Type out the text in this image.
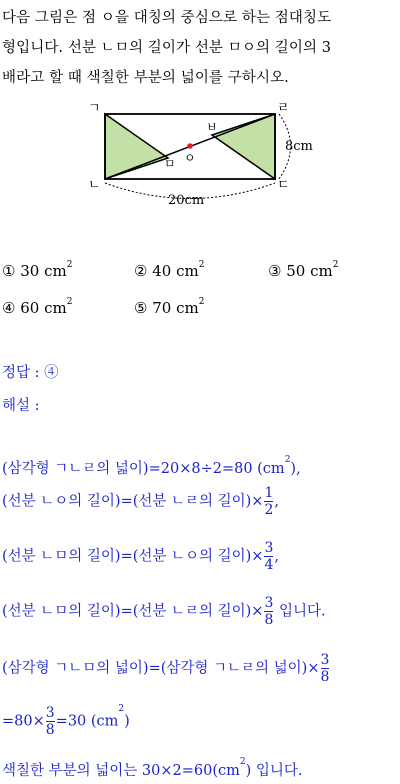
다음 그림은 점 ㅇ을 대칭의 중심으로 하는 점대칭도
형입니다. 선분 ㄴㅁ의 길이가 선분 ㅁㅇ의 길이의 3
배라고 할 때 색칠한 부분의 넓이를 구하시오.
ㄱ
ㄴ
ㄹ
ㄷ
ㅁ
ㅂ
ㅇ
8cm
20cm
① 30 $cm^2$	② 40 $cm^2$	③ 50 $cm^2$
④ 60 $cm^2$	⑤ 70 $cm^2$
정답 : ④
해설 :
(삼각형 ㄱㄴㄹ의 넓이)=20×8÷2=80 $(cm^2)$,
(선분 ㄴㅇ의 길이)=(선분 ㄴㄹ의 길이)× $\frac{1}{2}$ ,
(선분 ㄴㅁ의 길이)=(선분 ㄴㅇ의 길이)× $\frac{3}{4}$ ,
(선분 ㄴㅁ의 길이)=(선분 ㄴㄹ의 길이)× $\frac{3}{8}$ 입니다.
(삼각형 ㄱㄴㅁ의 넓이)=(삼각형 ㄱㄴㄹ의 넓이)× $\frac{3}{8}$
$=80\times \frac{3}{8} =30$ $(cm^2)$
색칠한 부분의 넓이는 $30\times 2=60(cm^2)$ 입니다.
